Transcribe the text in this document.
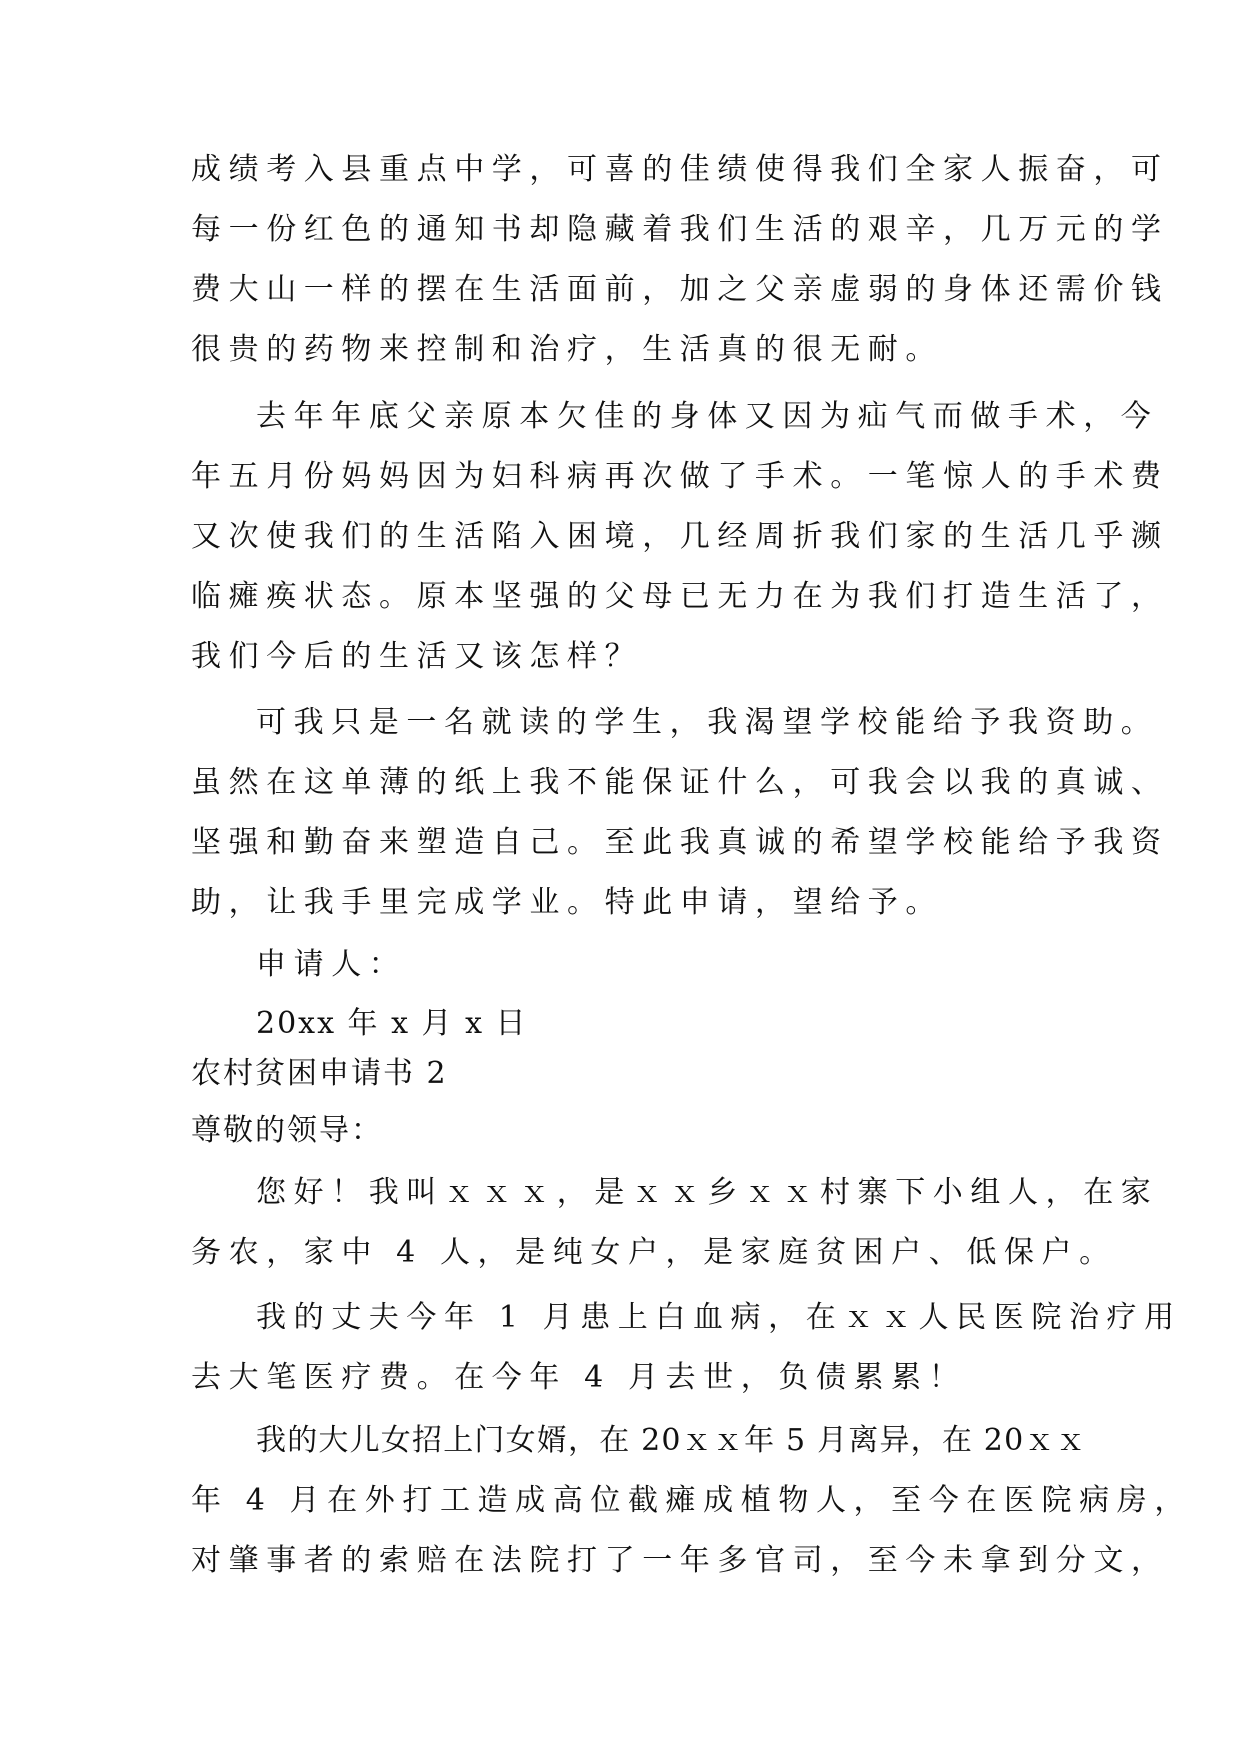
成绩考入县重点中学，可喜的佳绩使得我们全家人振奋，可
每一份红色的通知书却隐藏着我们生活的艰辛，几万元的学
费大山一样的摆在生活面前，加之父亲虚弱的身体还需价钱
很贵的药物来控制和治疗，生活真的很无耐。
去年年底父亲原本欠佳的身体又因为疝气而做手术，今
年五月份妈妈因为妇科病再次做了手术。一笔惊人的手术费
又次使我们的生活陷入困境，几经周折我们家的生活几乎濒
临瘫痪状态。原本坚强的父母已无力在为我们打造生活了，
我们今后的生活又该怎样？
可我只是一名就读的学生，我渴望学校能给予我资助。
虽然在这单薄的纸上我不能保证什么，可我会以我的真诚、
坚强和勤奋来塑造自己。至此我真诚的希望学校能给予我资
助，让我手里完成学业。特此申请，望给予。
申请人：
20xx 年 x 月 x 日
农村贫困申请书 2
尊敬的领导：
您好！我叫ｘｘｘ，是ｘｘ乡ｘｘ村寨下小组人，在家
务农，家中 4 人，是纯女户，是家庭贫困户、低保户。
我的丈夫今年 1 月患上白血病，在ｘｘ人民医院治疗用
去大笔医疗费。在今年 4 月去世，负债累累！
我的大儿女招上门女婿，在 20ｘｘ年 5 月离异，在 20ｘｘ
年 4 月在外打工造成高位截瘫成植物人，至今在医院病房，
对肇事者的索赔在法院打了一年多官司，至今未拿到分文，
